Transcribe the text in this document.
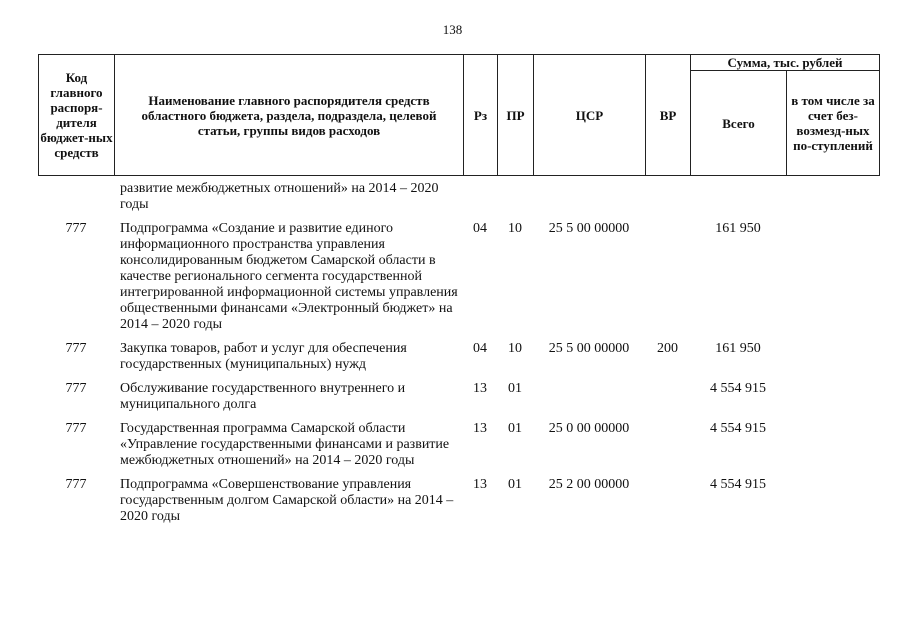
138
Код главного распоря-дителя бюджет-ных средств	Наименование главного распорядителя средств областного бюджета, раздела, подраздела, целевой статьи, группы видов расходов	Рз	ПР	ЦСР	ВР	Сумма, тыс. рублей	
						Всего	в том числе за счет без-возмезд-ных по-ступлений
	развитие межбюджетных отношений» на 2014 – 2020 годы						
777	Подпрограмма «Создание и развитие единого информационного пространства управления консолидированным бюджетом Самарской области в качестве регионального сегмента государственной интегрированной информационной системы управления общественными финансами «Электронный бюджет» на 2014 – 2020 годы	04	10	25 5 00 00000		161 950	
777	Закупка товаров, работ и услуг для обеспечения государственных (муниципальных) нужд	04	10	25 5 00 00000	200	161 950	
777	Обслуживание государственного внутреннего и муниципального долга	13	01			4 554 915	
777	Государственная программа Самарской области «Управление государственными финансами и развитие межбюджетных отношений» на 2014 – 2020 годы	13	01	25 0 00 00000		4 554 915	
777	Подпрограмма «Совершенствование управления государственным долгом Самарской области» на 2014 – 2020 годы	13	01	25 2 00 00000		4 554 915	
